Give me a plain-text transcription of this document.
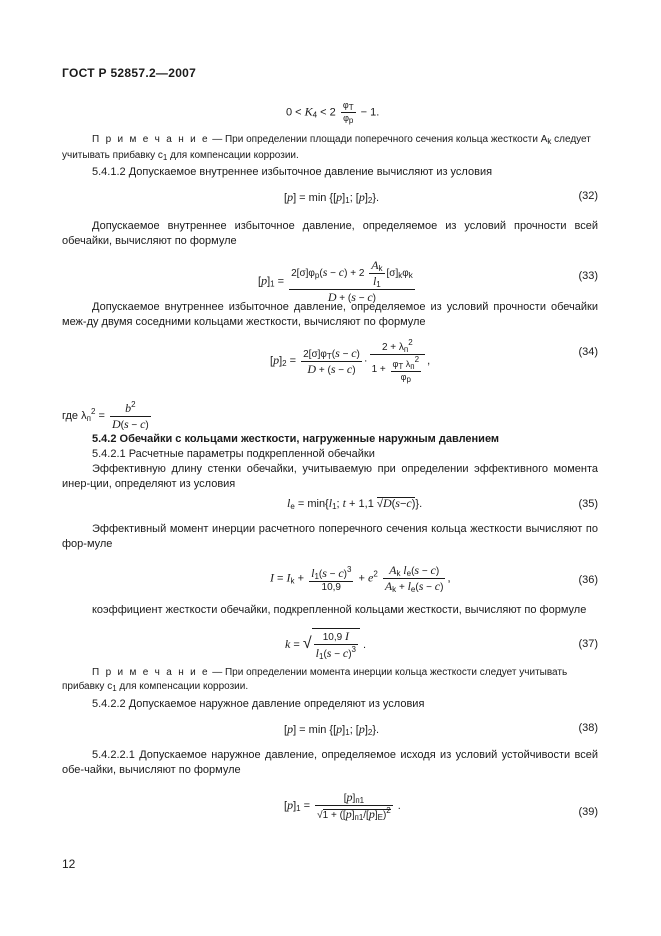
ГОСТ Р 52857.2—2007
$0 < K_4 < 2 \frac{\varphi T}{\varphi p} - 1$.
П р и м е ч а н и е — При определении площади поперечного сечения кольца жесткости $A_k$ следует учитывать прибавку $c_1$ для компенсации коррозии.
5.4.1.2 Допускаемое внутреннее избыточное давление вычисляют из условия
$[p] = \min \{[p]_1$; $[p]_2$}.	(32)
Допускаемое внутреннее избыточное давление, определяемое из условий прочности всей обечайки, вычисляют по формуле
$[p]_1 = \frac{2[\sigma]\varphi_p(s - c) + 2 \frac{Ak}{l1} [\sigma]_k\varphi_k}{D + (s - c)}$	(33)
Допускаемое внутреннее избыточное давление, определяемое из условий прочности обечайки меж-ду двумя соседними кольцами жесткости, вычисляют по формуле
$[p]_2 = \frac{2[\sigma]\varphi_T(s - c)}{D + (s - c)} \cdot \frac{2 + \lambda_п^2}{1 + \frac{\text{φT λп2}}{\varphi p}}$ ,
(34)
где $\lambda_п^2 = \frac{b^2}{D(s - c)}$
5.4.2 Обечайки с кольцами жесткости, нагруженные наружным давлением
5.4.2.1 Расчетные параметры подкрепленной обечайки
Эффективную длину стенки обечайки, учитываемую при определении эффективного момента инер-ции, определяют из условия
$l_e = \min\{l_1$; t + 1,1 √D(s−c)}.	(35)
Эффективный момент инерции расчетного поперечного сечения кольца жесткости вычисляют по фор-муле
$I = I_k + \frac{l_1(s - c)^3}{10,9} + e^2 \frac{A_k l_e(s - c)}{A_k + l_e(s - c)}$ ,	(36)
коэффициент жесткости обечайки, подкрепленной кольцами жесткости, вычисляют по формуле
k = √ $\frac{10,9 I}{l_1(s - c)^3}$ .	(37)
П р и м е ч а н и е — При определении момента инерции кольца жесткости следует учитывать прибавку $c_1$ для компенсации коррозии.
5.4.2.2 Допускаемое наружное давление определяют из условия
$[p] = \min \{[p]_1$; $[p]_2$}.	(38)
5.4.2.2.1 Допускаемое наружное давление, определяемое исходя из условий устойчивости всей обе-чайки, вычисляют по формуле
$[p]_1 = \frac{[p]_{п1}}{√1 + ([p]_{п1}/[p]_E)^2}$ .
(39)
12
